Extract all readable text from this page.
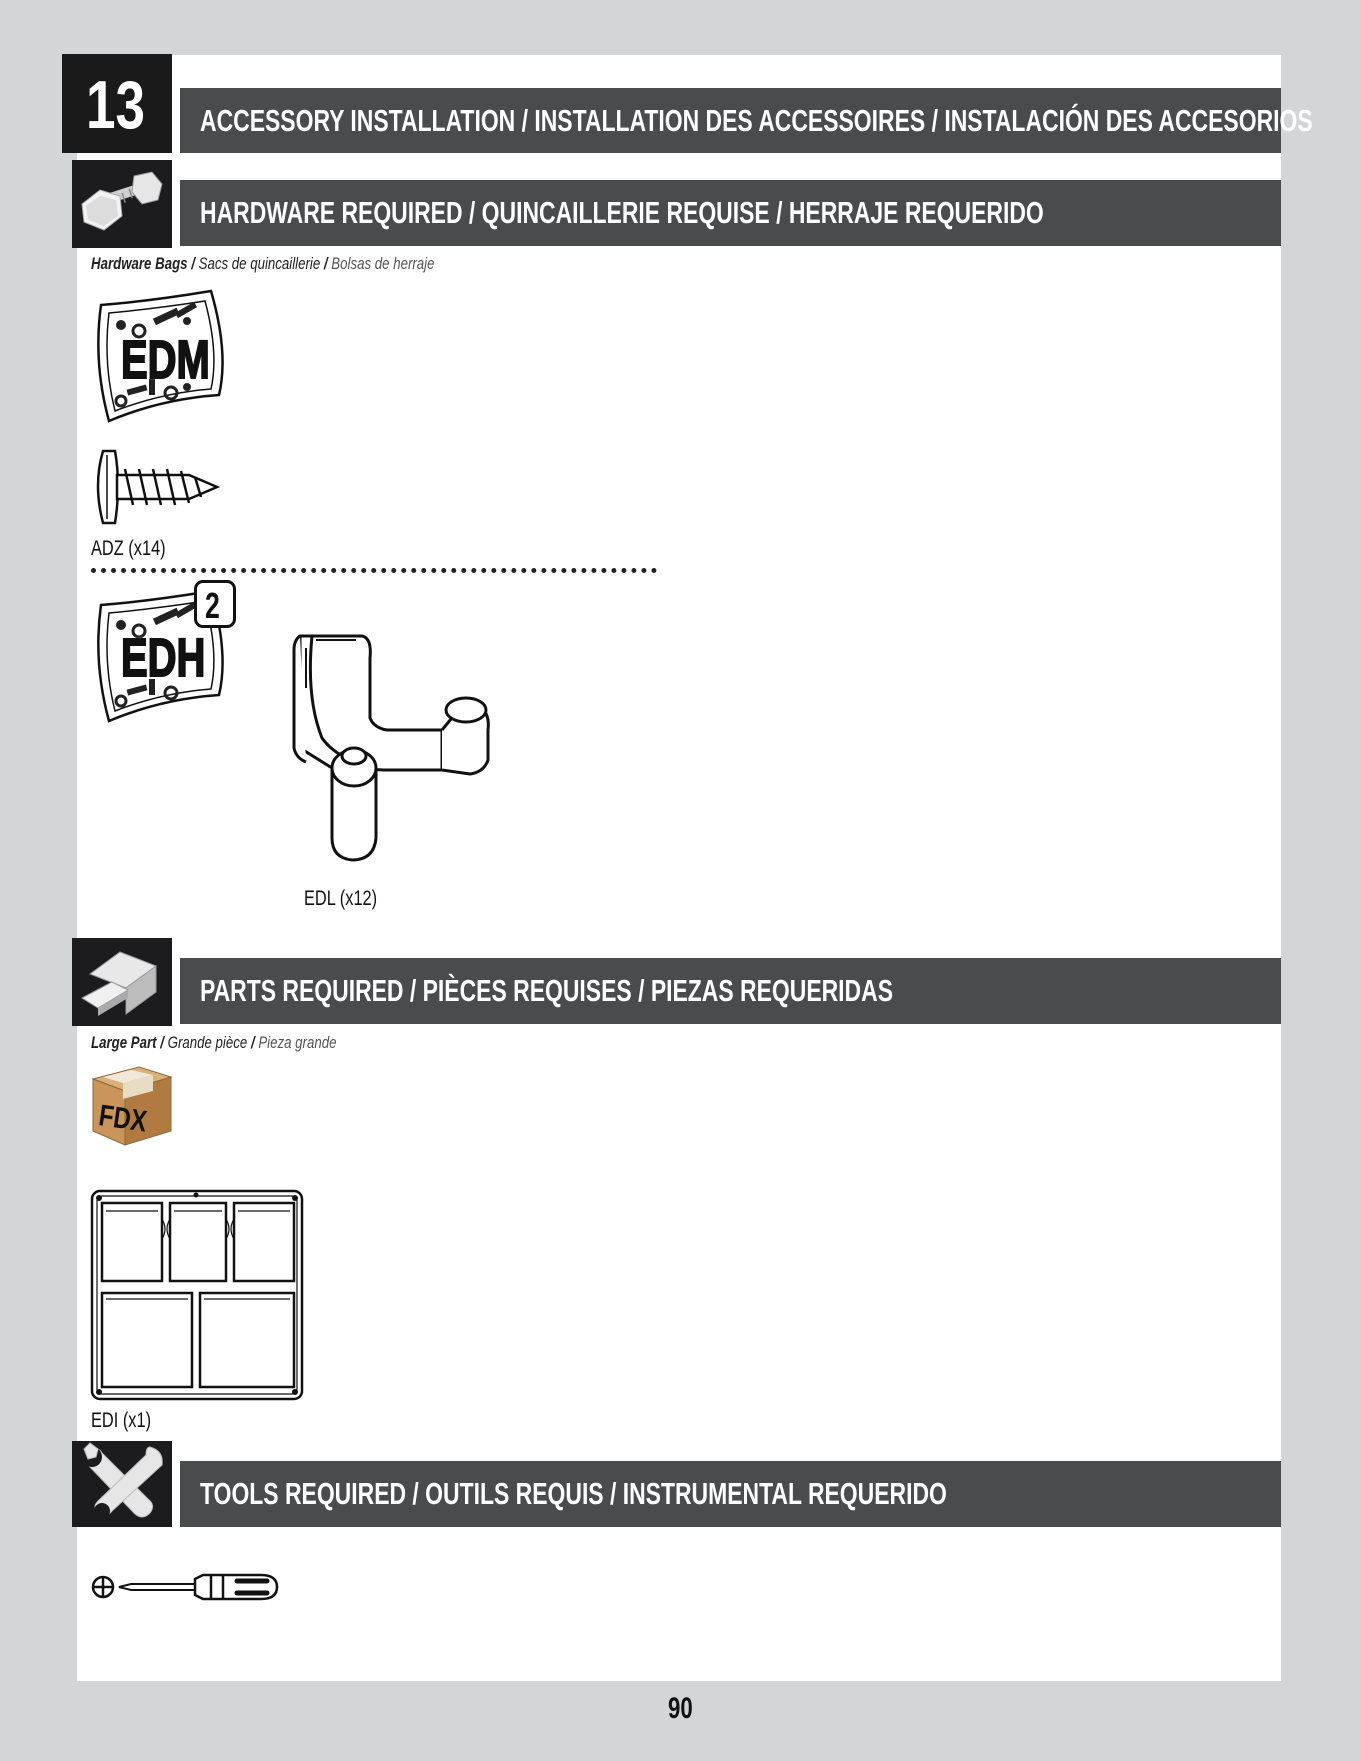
13 ACCESSORY INSTALLATION / INSTALLATION DES ACCESSOIRES / INSTALACIÓN DES ACCESORIOS
HARDWARE REQUIRED / QUINCAILLERIE REQUISE / HERRAJE REQUERIDO
Hardware Bags / Sacs de quincaillerie / Bolsas de herraje
EDM
ADZ (x14)
EDH
2
EDL (x12)
PARTS REQUIRED / PIÈCES REQUISES / PIEZAS REQUERIDAS
Large Part / Grande pièce / Pieza grande
FDX
EDI (x1)
TOOLS REQUIRED / OUTILS REQUIS / INSTRUMENTAL REQUERIDO
90
